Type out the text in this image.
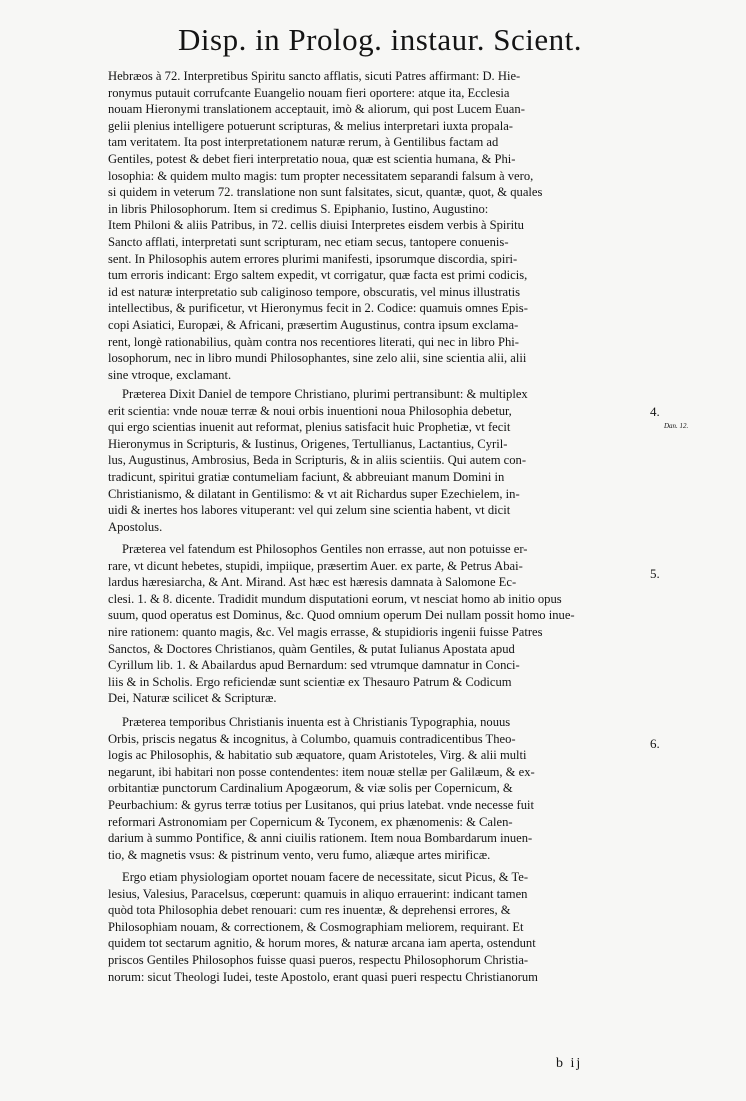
Disp. in Prolog. instaur. Scient.
Hebræos à 72. Interpretibus Spiritu sancto afflatis, sicuti Patres affirmant: D. Hie-
ronymus putauit corrufcante Euangelio nouam fieri oportere: atque ita, Ecclesia
nouam Hieronymi translationem acceptauit, imò & aliorum, qui post Lucem Euan-
gelii plenius intelligere potuerunt scripturas, & melius interpretari iuxta propala-
tam veritatem. Ita post interpretationem naturæ rerum, à Gentilibus factam ad
Gentiles, potest & debet fieri interpretatio noua, quæ est scientia humana, & Phi-
losophia: & quidem multo magis: tum propter necessitatem separandi falsum à vero,
si quidem in veterum 72. translatione non sunt falsitates, sicut, quantæ, quot, & quales
in libris Philosophorum. Item si credimus S. Epiphanio, Iustino, Augustino:
Item Philoni & aliis Patribus, in 72. cellis diuisi Interpretes eisdem verbis à Spiritu
Sancto afflati, interpretati sunt scripturam, nec etiam secus, tantopere conuenis-
sent. In Philosophis autem errores plurimi manifesti, ipsorumque discordia, spiri-
tum erroris indicant: Ergo saltem expedit, vt corrigatur, quæ facta est primi codicis,
id est naturæ interpretatio sub caliginoso tempore, obscuratis, vel minus illustratis
intellectibus, & purificetur, vt Hieronymus fecit in 2. Codice: quamuis omnes Epis-
copi Asiatici, Europæi, & Africani, præsertim Augustinus, contra ipsum exclama-
rent, longè rationabilius, quàm contra nos recentiores literati, qui nec in libro Phi-
losophorum, nec in libro mundi Philosophantes, sine zelo alii, sine scientia alii, alii
sine vtroque, exclamant.
Præterea Dixit Daniel de tempore Christiano, plurimi pertransibunt: & multiplex
erit scientia: vnde nouæ terræ & noui orbis inuentioni noua Philosophia debetur,
qui ergo scientias inuenit aut reformat, plenius satisfacit huic Prophetiæ, vt fecit
Hieronymus in Scripturis, & Iustinus, Origenes, Tertullianus, Lactantius, Cyril-
lus, Augustinus, Ambrosius, Beda in Scripturis, & in aliis scientiis. Qui autem con-
tradicunt, spiritui gratiæ contumeliam faciunt, & abbreuiant manum Domini in
Christianismo, & dilatant in Gentilismo: & vt ait Richardus super Ezechielem, in-
uidi & inertes hos labores vituperant: vel qui zelum sine scientia habent, vt dicit
Apostolus.
Præterea vel fatendum est Philosophos Gentiles non errasse, aut non potuisse er-
rare, vt dicunt hebetes, stupidi, impiique, præsertim Auer. ex parte, & Petrus Abai-
lardus hæresiarcha, & Ant. Mirand. Ast hæc est hæresis damnata à Salomone Ec-
clesi. 1. & 8. dicente. Tradidit mundum disputationi eorum, vt nesciat homo ab initio opus
suum, quod operatus est Dominus, &c. Quod omnium operum Dei nullam possit homo inue-
nire rationem: quanto magis, &c. Vel magis errasse, & stupidioris ingenii fuisse Patres
Sanctos, & Doctores Christianos, quàm Gentiles, & putat Iulianus Apostata apud
Cyrillum lib. 1. & Abailardus apud Bernardum: sed vtrumque damnatur in Conci-
liis & in Scholis. Ergo reficiendæ sunt scientiæ ex Thesauro Patrum & Codicum
Dei, Naturæ scilicet & Scripturæ.
Præterea temporibus Christianis inuenta est à Christianis Typographia, nouus
Orbis, priscis negatus & incognitus, à Columbo, quamuis contradicentibus Theo-
logis ac Philosophis, & habitatio sub æquatore, quam Aristoteles, Virg. & alii multi
negarunt, ibi habitari non posse contendentes: item nouæ stellæ per Galilæum, & ex-
orbitantiæ punctorum Cardinalium Apogæorum, & viæ solis per Copernicum, &
Peurbachium: & gyrus terræ totius per Lusitanos, qui prius latebat. vnde necesse fuit
reformari Astronomiam per Copernicum & Tyconem, ex phænomenis: & Calen-
darium à summo Pontifice, & anni ciuilis rationem. Item noua Bombardarum inuen-
tio, & magnetis vsus: & pistrinum vento, veru fumo, aliæque artes mirificæ.
Ergo etiam physiologiam oportet nouam facere de necessitate, sicut Picus, & Te-
lesius, Valesius, Paracelsus, cœperunt: quamuis in aliquo errauerint: indicant tamen
quòd tota Philosophia debet renouari: cum res inuentæ, & deprehensi errores, &
Philosophiam nouam, & correctionem, & Cosmographiam meliorem, requirant. Et
quidem tot sectarum agnitio, & horum mores, & naturæ arcana iam aperta, ostendunt
priscos Gentiles Philosophos fuisse quasi pueros, respectu Philosophorum Christia-
norum: sicut Theologi Iudei, teste Apostolo, erant quasi pueri respectu Christianorum
4.
Dan. 12.
5.
6.
b ij
